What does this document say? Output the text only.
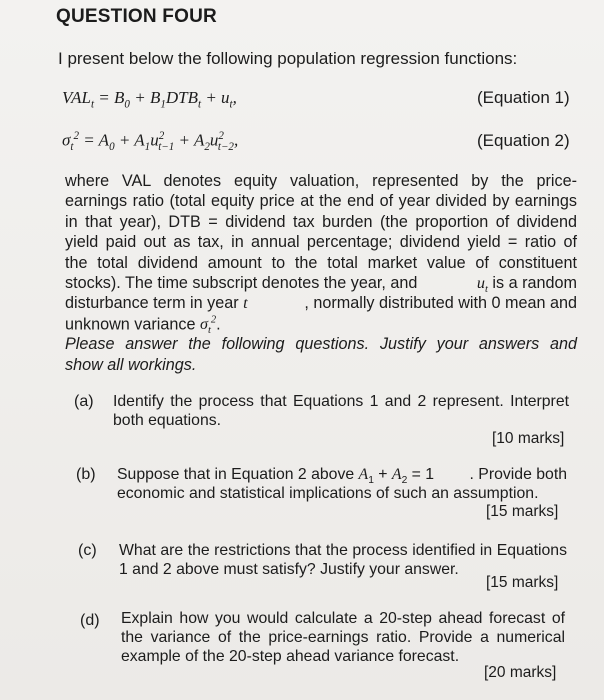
QUESTION FOUR
I present below the following population regression functions:
$VAL_t = B_0 + B_1DTB_t + u_t$,	(Equation 1)
$\sigma_t^2 = A_0 + A_1u^2_{t-1} + A_2u^2_{t-2}$,	(Equation 2)
where VAL denotes equity valuation, represented by the price-
earnings ratio (total equity price at the end of year divided by earnings
in that year), DTB = dividend tax burden (the proportion of dividend
yield paid out as tax, in annual percentage; dividend yield = ratio of
the total dividend amount to the total market value of constituent
stocks). The time subscript denotes the year, and	$u_t$ is a random
disturbance term in year t	, normally distributed with 0 mean and
unknown variance $\sigma_t^2$.
Please answer the following questions. Justify your answers and
show all workings.
(a) Identify the process that Equations 1 and 2 represent. Interpret
both equations.
[10 marks]
(b) Suppose that in Equation 2 above $A_1 + A_2 = 1$ . Provide both
economic and statistical implications of such an assumption.
[15 marks]
(c) What are the restrictions that the process identified in Equations
1 and 2 above must satisfy? Justify your answer.
[15 marks]
(d) Explain how you would calculate a 20-step ahead forecast of
the variance of the price-earnings ratio. Provide a numerical
example of the 20-step ahead variance forecast.
[20 marks]
